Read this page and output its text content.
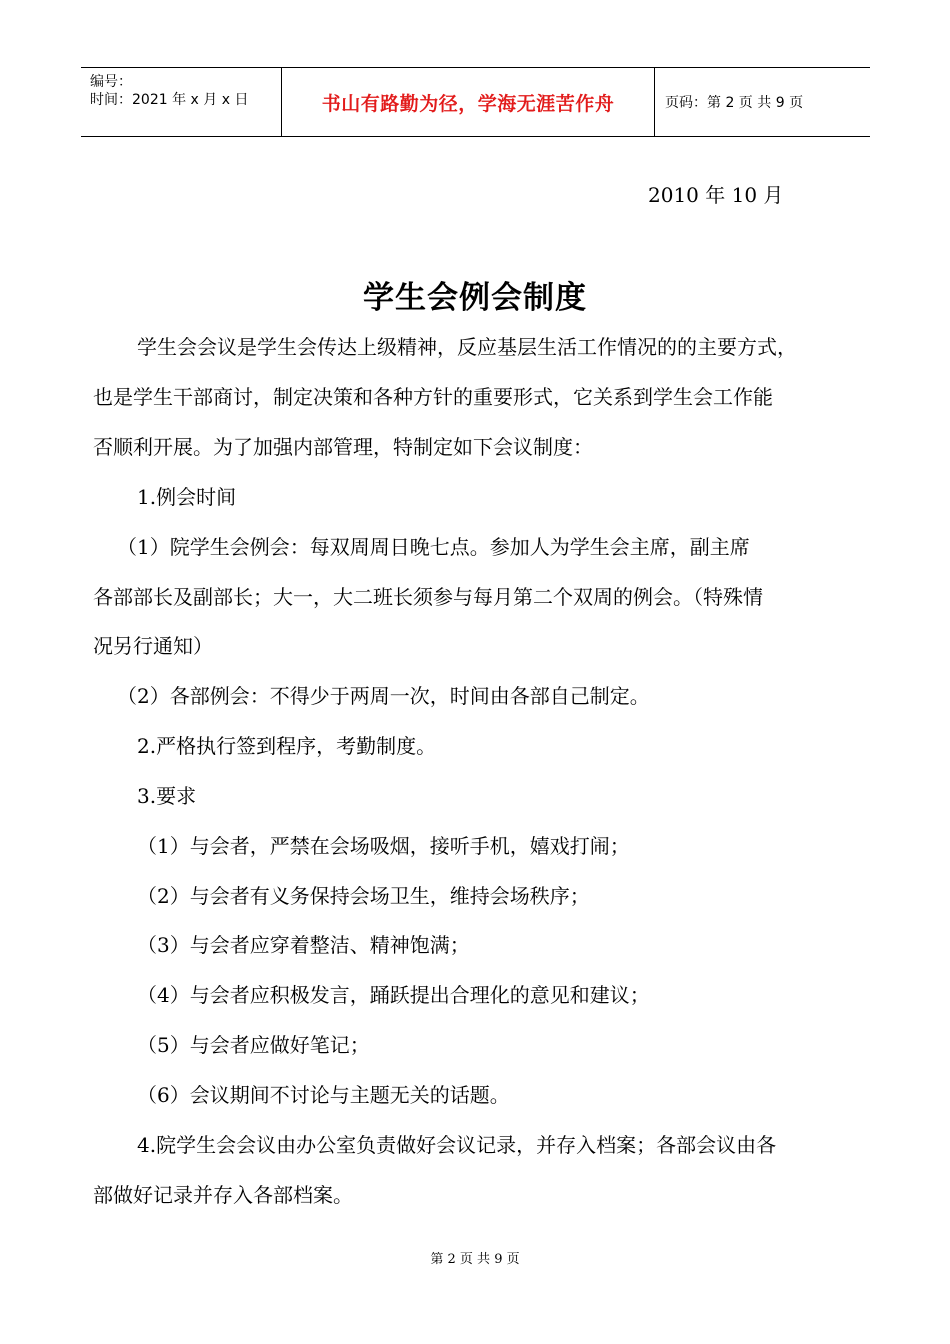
编号：
时间：2021 年 x 月 x 日	书山有路勤为径，学海无涯苦作舟	页码：第 2 页 共 9 页
2010 年 10 月
学生会例会制度
学生会会议是学生会传达上级精神，反应基层生活工作情况的的主要方式，
也是学生干部商讨，制定决策和各种方针的重要形式，它关系到学生会工作能
否顺利开展。为了加强内部管理，特制定如下会议制度：
1.例会时间
（1）院学生会例会：每双周周日晚七点。参加人为学生会主席，副主席
各部部长及副部长；大一，大二班长须参与每月第二个双周的例会。（特殊情
况另行通知）
（2）各部例会：不得少于两周一次，时间由各部自己制定。
2.严格执行签到程序，考勤制度。
3.要求
（1）与会者，严禁在会场吸烟，接听手机，嬉戏打闹；
（2）与会者有义务保持会场卫生，维持会场秩序；
（3）与会者应穿着整洁、精神饱满；
（4）与会者应积极发言，踊跃提出合理化的意见和建议；
（5）与会者应做好笔记；
（6）会议期间不讨论与主题无关的话题。
4.院学生会会议由办公室负责做好会议记录，并存入档案；各部会议由各
部做好记录并存入各部档案。
第 2 页 共 9 页
